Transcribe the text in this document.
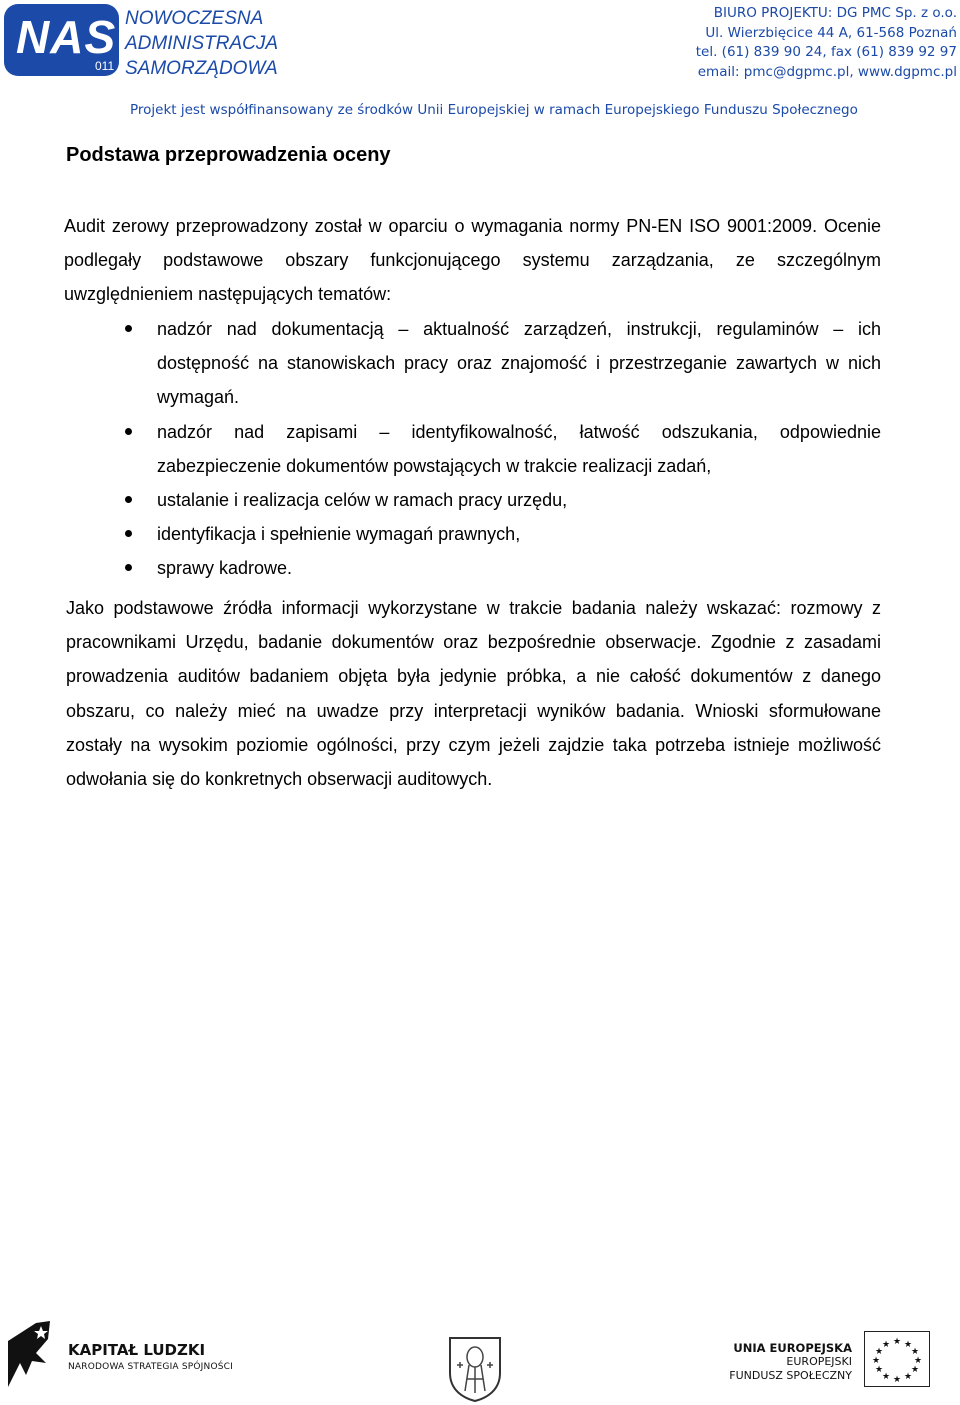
NAS
011
NOWOCZESNA
ADMINISTRACJA
SAMORZĄDOWA
BIURO PROJEKTU: DG PMC Sp. z o.o.
Ul. Wierzbięcice 44 A, 61-568 Poznań
tel. (61) 839 90 24, fax (61) 839 92 97
email: pmc@dgpmc.pl, www.dgpmc.pl
Projekt jest współfinansowany ze środków Unii Europejskiej w ramach Europejskiego Funduszu Społecznego
Podstawa przeprowadzenia oceny
Audit zerowy przeprowadzony został w oparciu o wymagania normy PN-EN ISO 9001:2009. Ocenie podlegały podstawowe obszary funkcjonującego systemu zarządzania, ze szczególnym uwzględnieniem następujących tematów:
nadzór nad dokumentacją – aktualność zarządzeń, instrukcji, regulaminów – ich dostępność na stanowiskach pracy oraz znajomość i przestrzeganie zawartych w nich wymagań.
nadzór nad zapisami – identyfikowalność, łatwość odszukania, odpowiednie zabezpieczenie dokumentów powstających w trakcie realizacji zadań,
ustalanie i realizacja celów w ramach pracy urzędu,
identyfikacja i spełnienie wymagań prawnych,
sprawy kadrowe.
Jako podstawowe źródła informacji wykorzystane w trakcie badania należy wskazać: rozmowy z pracownikami Urzędu, badanie dokumentów oraz bezpośrednie obserwacje. Zgodnie z zasadami prowadzenia auditów badaniem objęta była jedynie próbka, a nie całość dokumentów z danego obszaru, co należy mieć na uwadze przy interpretacji wyników badania. Wnioski sformułowane zostały na wysokim poziomie ogólności, przy czym jeżeli zajdzie taka potrzeba istnieje możliwość odwołania się do konkretnych obserwacji auditowych.
KAPITAŁ LUDZKI
NARODOWA STRATEGIA SPÓJNOŚCI
UNIA EUROPEJSKA
EUROPEJSKI
FUNDUSZ SPOŁECZNY
★ ★
★
★
★
★
★
★
★
★
★
★
